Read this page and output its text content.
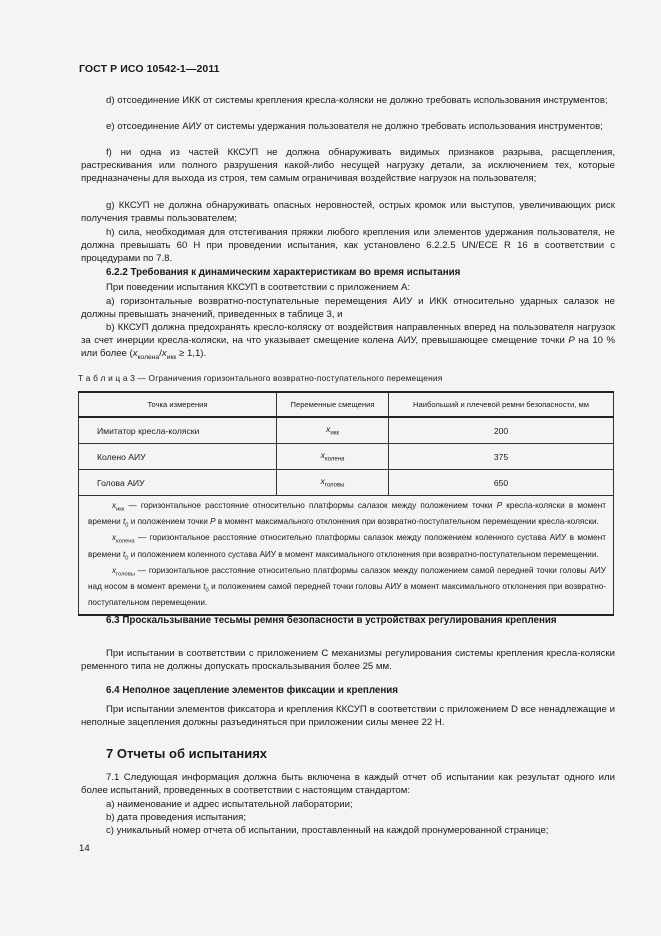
ГОСТ Р ИСО 10542-1—2011
d) отсоединение ИКК от системы крепления кресла-коляски не должно требовать использования инструментов;
e) отсоединение АИУ от системы удержания пользователя не должно требовать использования инструментов;
f) ни одна из частей ККСУП не должна обнаруживать видимых признаков разрыва, расщепления, растрескивания или полного разрушения какой-либо несущей нагрузку детали, за исключением тех, которые предназначены для выхода из строя, тем самым ограничивая воздействие нагрузок на пользователя;
g) ККСУП не должна обнаруживать опасных неровностей, острых кромок или выступов, увеличивающих риск получения травмы пользователем;
h) сила, необходимая для отстегивания пряжки любого крепления или элементов удержания пользователя, не должна превышать 60 Н при проведении испытания, как установлено 6.2.2.5 UN/ECE R 16 в соответствии с процедурами по 7.8.
6.2.2 Требования к динамическим характеристикам во время испытания
При поведении испытания ККСУП в соответствии с приложением А:
а) горизонтальные возвратно-поступательные перемещения АИУ и ИКК относительно ударных салазок не должны превышать значений, приведенных в таблице 3, и
b) ККСУП должна предохранять кресло-коляску от воздействия направленных вперед на пользователя нагрузок за счет инерции кресла-коляски, на что указывает смещение колена АИУ, превышающее смещение точки P на 10 % или более $(x_{колена}/x_{икк} \ge 1,1)$.
Т а б л и ц а 3 — Ограничения горизонтального возвратно-поступательного перемещения
Точка измерения	Переменные смещения	Наибольший и плечевой ремни безопасности, мм
Имитатор кресла-коляски	$x_{икк}$	200
Колено АИУ	$x_{колена}$	375
Голова АИУ	$x_{головы}$	650

$x_{икк}$ — горизонтальное расстояние относительно платформы салазок между положением точки P кресла-коляски в момент времени $t_0$ и положением точки P в момент максимального отклонения при возвратно-поступательном перемещении кресла-коляски.

$x_{колена}$ — горизонтальное расстояние относительно платформы салазок между положением коленного сустава АИУ в момент времени $t_0$ и положением коленного сустава АИУ в момент максимального отклонения при возвратно-поступательном перемещении.

$x_{головы}$ — горизонтальное расстояние относительно платформы салазок между положением самой передней точки головы АИУ над носом в момент времени $t_0$ и положением самой передней точки головы АИУ в момент максимального отклонения при возвратно-поступательном перемещении.		

6.3 Проскальзывание тесьмы ремня безопасности в устройствах регулирования крепления
При испытании в соответствии с приложением С механизмы регулирования системы крепления кресла-коляски ременного типа не должны допускать проскальзывания более 25 мм.
6.4 Неполное зацепление элементов фиксации и крепления
При испытании элементов фиксатора и крепления ККСУП в соответствии с приложением D все ненадлежащие и неполные зацепления должны разъединяться при приложении силы менее 22 Н.
7 Отчеты об испытаниях
7.1 Следующая информация должна быть включена в каждый отчет об испытании как результат одного или более испытаний, проведенных в соответствии с настоящим стандартом:
а) наименование и адрес испытательной лаборатории;
b) дата проведения испытания;
с) уникальный номер отчета об испытании, проставленный на каждой пронумерованной странице;
14
